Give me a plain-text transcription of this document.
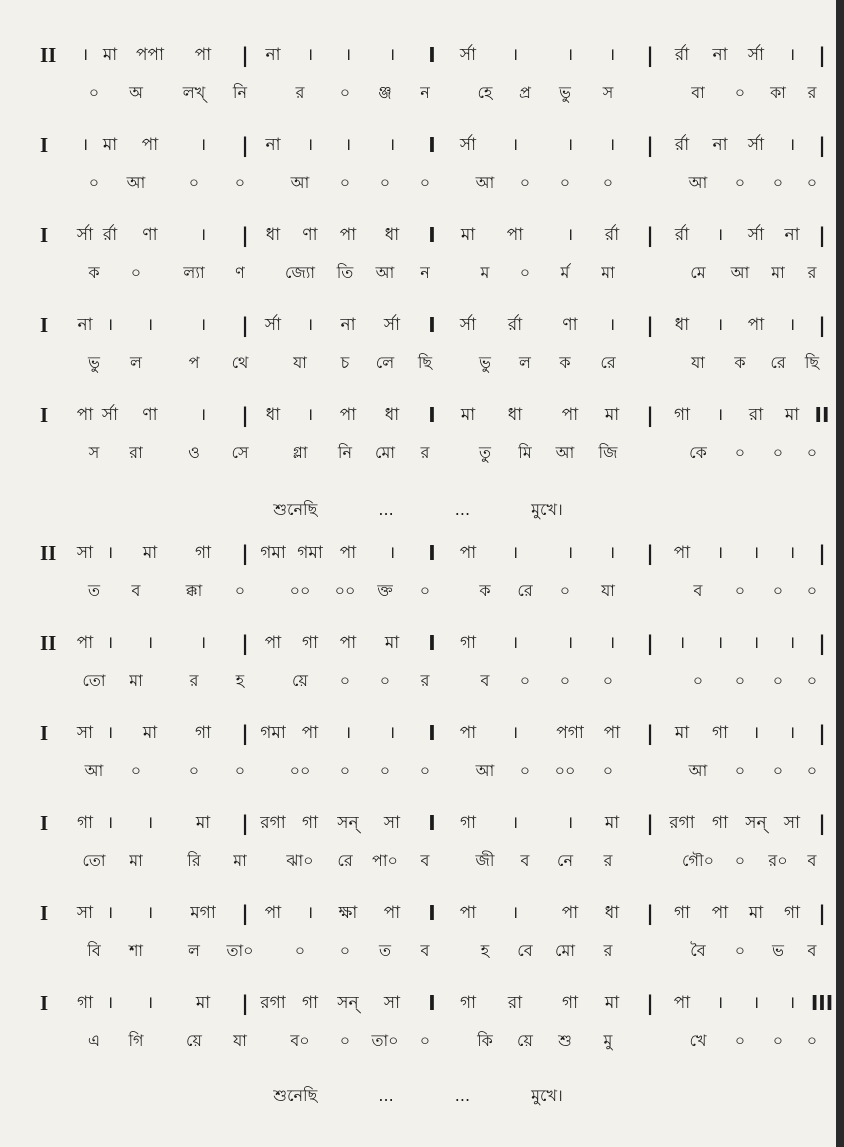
II । মা পপা পা | না । । । I র্সা ।	। । | র্রা না র্সা । |
০ অ লখ্ নি	র ০ ঞ্জ ন	হে প্র ভু স	বা ০ কা র
I । মা পা । | না । । । I র্সা ।	। । | র্রা না র্সা । |
০ আ	০ ০	আ ০ ০ ০	আ ০ ০ ০	আ ০ ০ ০
I র্সা র্রা ণা । | ধা ণা পা ধা I মা পা	। র্রা | র্রা । র্সা না |
ক ০	ল্যা ণ	জ্যো তি আ ন	ম ০ র্ম মা	মে আ মা র
I না । ।	। | র্সা । না র্সা I র্সা র্রা ণা । | ধা । পা । |
ভু ল	প থে	যা চ লে ছি	ভু ল ক রে	যা ক রে ছি
I পা র্সা ণা । | ধা । পা ধা I মা ধা পা মা | গা । রা মা II
স রা	ও সে	গ্লা নি মো র	তু মি আ জি	কে ০ ০ ০
শুনেছি	...	...	মুখে।
II সা । মা গা | গমা গমা পা । I পা ।	। । | পা । । । |
ত ব	ক্কা ০	০০ ০০ ক্ত ০	ক রে ০ যা	ব ০ ০ ০
II পা । ।	। | পা গা পা মা I গা ।	। । | । । । । |
তো মা	র হ	য়ে ০ ০ র	ব ০ ০ ০	০ ০ ০ ০
I সা । মা গা | গমা পা । । I পা । পগা পা | মা গা । । |
আ ০	০ ০	০০ ০ ০ ০	আ ০ ০০ ০	আ ০ ০ ০
I গা । ।	মা | রগা গা সন্ সা I গা ।	। মা | রগা গা সন্ সা |
তো মা	রি মা ঝা০ রে পা০ ব	জী ব নে র	গৌ০ ০ র০ ব
I সা । । মগা | পা । ক্ষা পা I পা ।	পা ধা | গা পা মা গা |
বি শা	ল তা০	০ ০ ত ব	হ বে মো র	বৈ ০ ভ ব
I গা । ।	মা | রগা গা সন্ সা I গা রা গা মা | পা । । । III
এ গি	য়ে যা	ব০ ০ তা০ ০	কি য়ে শু মু	খে ০ ০ ০
শুনেছি	...	...	মুখে।
